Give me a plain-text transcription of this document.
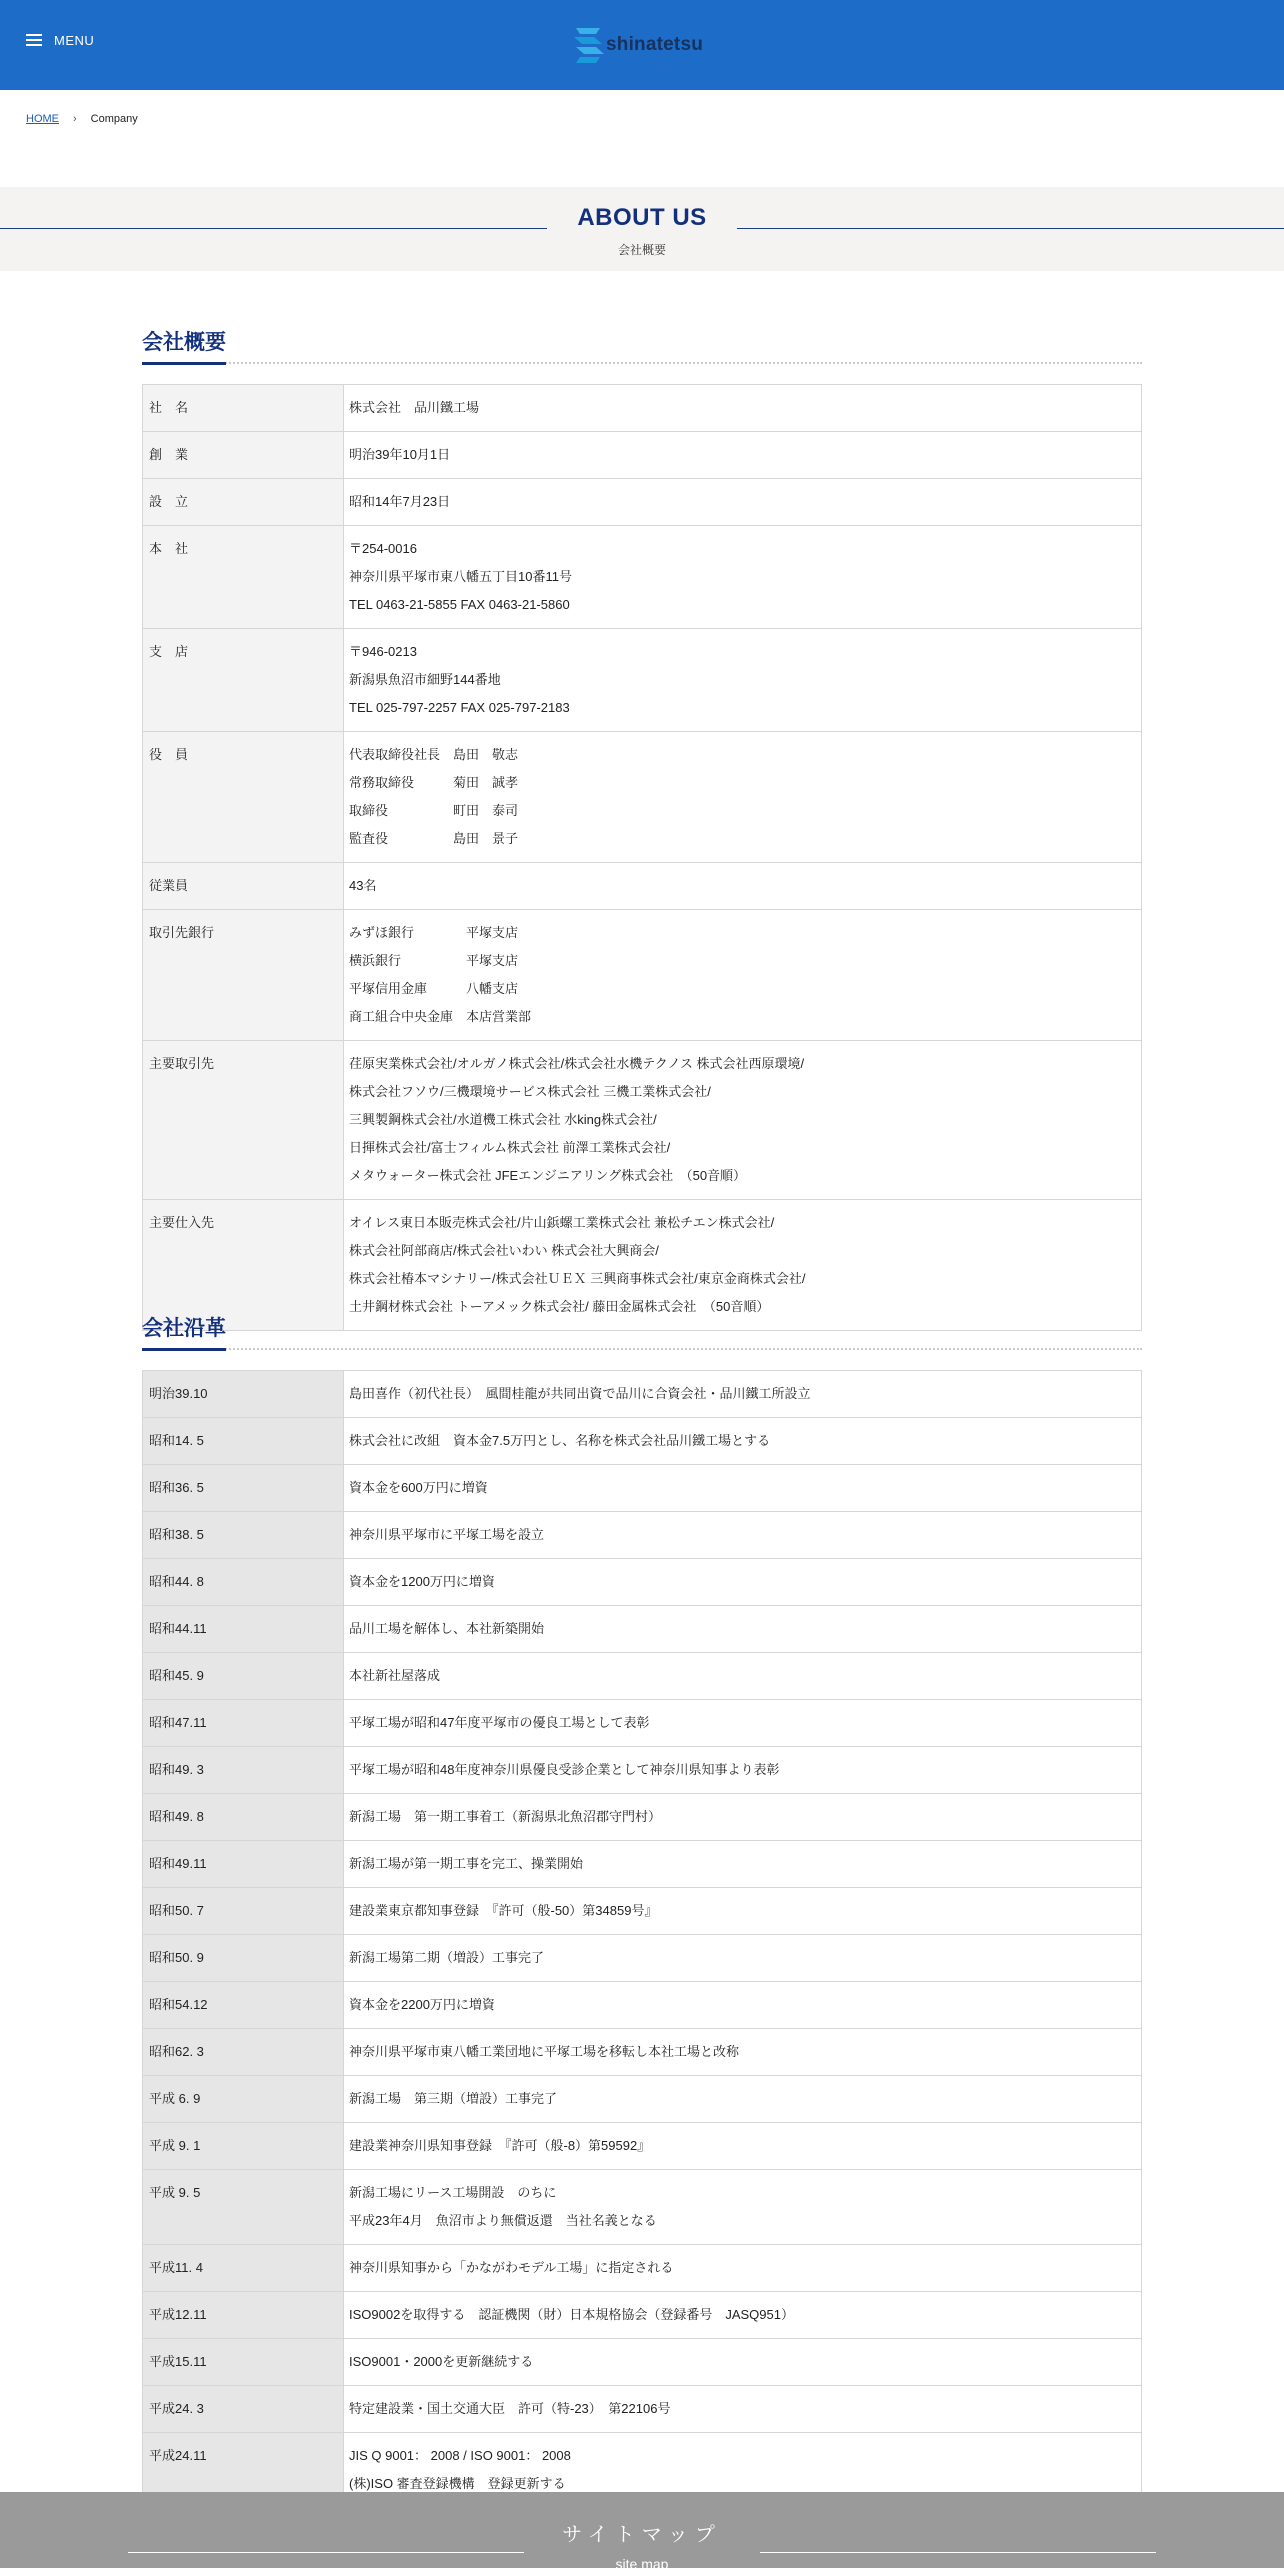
MENU	shinatetsu
HOME › Company
ABOUT US
会社概要
会社概要
社　名	株式会社　品川鐵工場

創　業	明治39年10月1日

設　立	昭和14年7月23日

本　社	〒254-0016
神奈川県平塚市東八幡五丁目10番11号
TEL 0463-21-5855 FAX 0463-21-5860

支　店	〒946-0213
新潟県魚沼市細野144番地
TEL 025-797-2257 FAX 025-797-2183

役　員	代表取締役社長　島田　敬志
常務取締役　　　菊田　誠孝
取締役　　　　　町田　泰司
監査役　　　　　島田　景子

従業員	43名

取引先銀行	みずほ銀行　　　　平塚支店
横浜銀行　　　　　平塚支店
平塚信用金庫　　　八幡支店
商工組合中央金庫　本店営業部

主要取引先	荏原実業株式会社/オルガノ株式会社/株式会社水機テクノス 株式会社西原環境/
株式会社フソウ/三機環境サービス株式会社 三機工業株式会社/
三興製鋼株式会社/水道機工株式会社 水king株式会社/
日揮株式会社/富士フィルム株式会社 前澤工業株式会社/
メタウォーター株式会社 JFEエンジニアリング株式会社　（50音順）

主要仕入先	オイレス東日本販売株式会社/片山鋲螺工業株式会社 兼松チエン株式会社/
株式会社阿部商店/株式会社いわい 株式会社大興商会/
株式会社椿本マシナリー/株式会社ＵＥＸ 三興商事株式会社/東京金商株式会社/
土井鋼材株式会社 トーアメック株式会社/ 藤田金属株式会社　（50音順）
会社沿革
明治39.10	島田喜作（初代社長）　風間桂龍が共同出資で品川に合資会社・品川鐵工所設立

昭和14. 5	株式会社に改組　資本金7.5万円とし、名称を株式会社品川鐵工場とする

昭和36. 5	資本金を600万円に増資

昭和38. 5	神奈川県平塚市に平塚工場を設立

昭和44. 8	資本金を1200万円に増資

昭和44.11	品川工場を解体し、本社新築開始

昭和45. 9	本社新社屋落成

昭和47.11	平塚工場が昭和47年度平塚市の優良工場として表彰

昭和49. 3	平塚工場が昭和48年度神奈川県優良受診企業として神奈川県知事より表彰

昭和49. 8	新潟工場　第一期工事着工（新潟県北魚沼郡守門村）

昭和49.11	新潟工場が第一期工事を完工、操業開始

昭和50. 7	建設業東京都知事登録　『許可（般-50）第34859号』

昭和50. 9	新潟工場第二期（増設）工事完了

昭和54.12	資本金を2200万円に増資

昭和62. 3	神奈川県平塚市東八幡工業団地に平塚工場を移転し本社工場と改称

平成 6. 9	新潟工場　第三期（増設）工事完了

平成 9. 1	建設業神奈川県知事登録　『許可（般-8）第59592』

平成 9. 5	新潟工場にリース工場開設　のちに
平成23年4月　魚沼市より無償返還　当社名義となる

平成11. 4	神奈川県知事から「かながわモデル工場」に指定される

平成12.11	ISO9002を取得する　認証機関（財）日本規格協会（登録番号　JASQ951）

平成15.11	ISO9001・2000を更新継続する

平成24. 3	特定建設業・国土交通大臣　許可（特-23）　第22106号

平成24.11	JIS Q 9001： 2008 / ISO 9001： 2008
(株)ISO 審査登録機構　登録更新する
サイトマップ
site map
